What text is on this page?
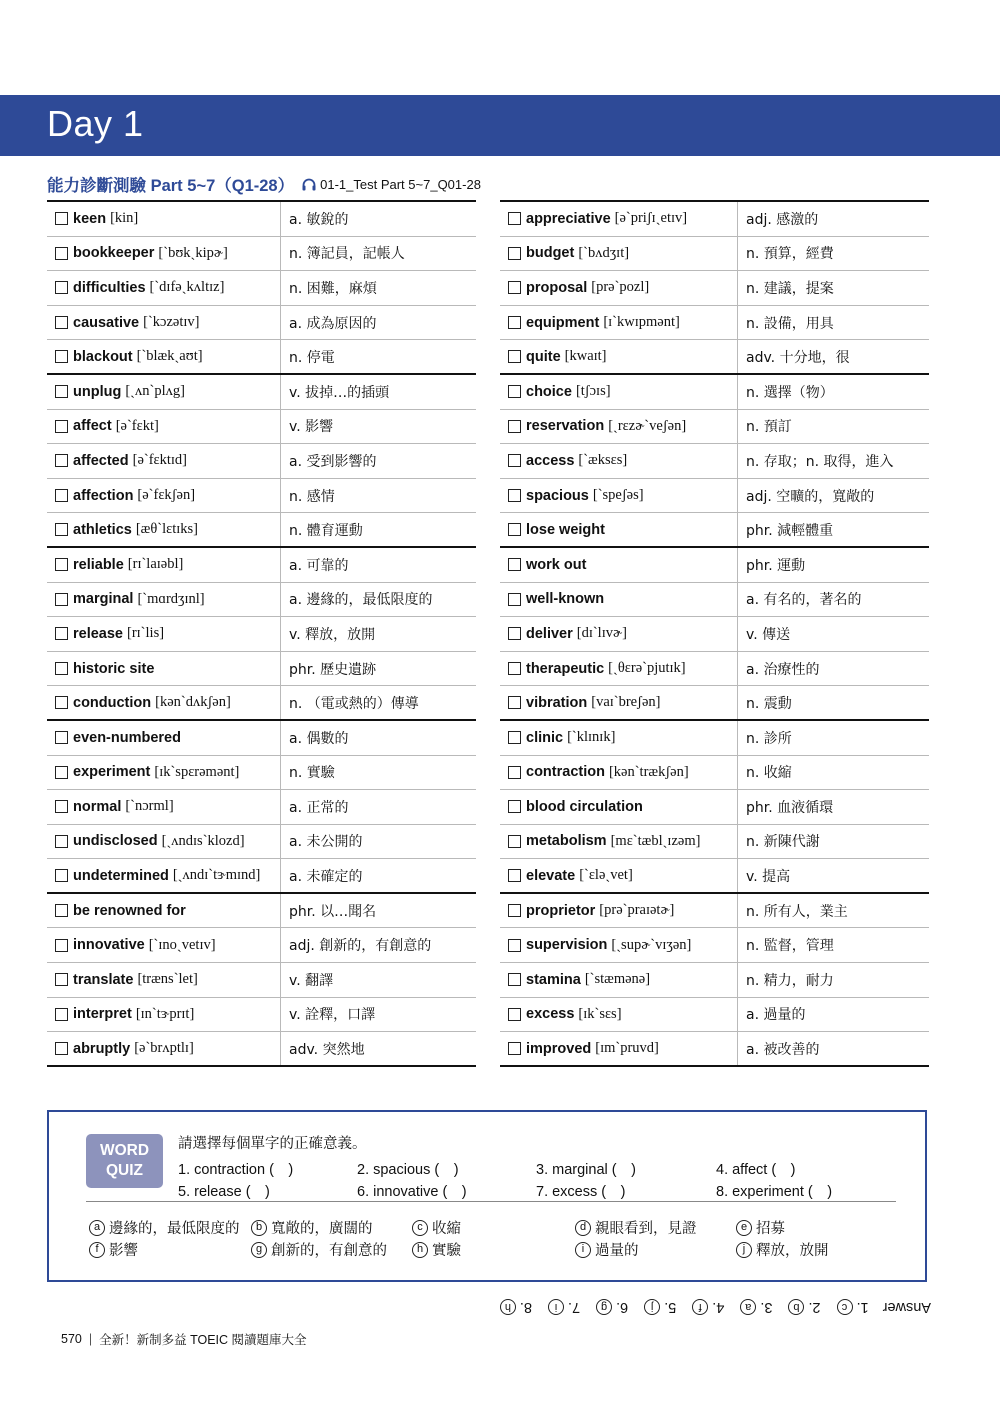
Day 1
能力診斷測驗 Part 5~7（Q1-28） 01-1_Test Part 5~7_Q01-28
keen [kin]	a. 敏銳的
bookkeeper [ˋbʊkˏkipɚ]	n. 簿記員，記帳人
difficulties [ˋdɪfəˏkʌltɪz]	n. 困難，麻煩
causative [ˋkɔzətɪv]	a. 成為原因的
blackout [ˋblækˏaʊt]	n. 停電
unplug [ˏʌnˋplʌg]	v. 拔掉…的插頭
affect [əˋfɛkt]	v. 影響
affected [əˋfɛktɪd]	a. 受到影響的
affection [əˋfɛkʃən]	n. 感情
athletics [æθˋlɛtɪks]	n. 體育運動
reliable [rɪˋlaɪəbl]	a. 可靠的
marginal [ˋmɑrdʒɪnl]	a. 邊緣的，最低限度的
release [rɪˋlis]	v. 釋放，放開
historic site	phr. 歷史遺跡
conduction [kənˋdʌkʃən]	n. （電或熱的）傳導
even-numbered	a. 偶數的
experiment [ɪkˋspɛrəmənt]	n. 實驗
normal [ˋnɔrml]	a. 正常的
undisclosed [ˏʌndɪsˋklozd]	a. 未公開的
undetermined [ˏʌndɪˋtɝmɪnd]	a. 未確定的
be renowned for	phr. 以…聞名
innovative [ˋɪnoˏvetɪv]	adj. 創新的，有創意的
translate [trænsˋlet]	v. 翻譯
interpret [ɪnˋtɝprɪt]	v. 詮釋，口譯
abruptly [əˋbrʌptlɪ]	adv. 突然地
appreciative [əˋpriʃɪˏetɪv]	adj. 感激的
budget [ˋbʌdʒɪt]	n. 預算，經費
proposal [prəˋpozl]	n. 建議，提案
equipment [ɪˋkwɪpmənt]	n. 設備，用具
quite [kwaɪt]	adv. 十分地，很
choice [tʃɔɪs]	n. 選擇（物）
reservation [ˏrɛzɚˋveʃən]	n. 預訂
access [ˋæksɛs]	n. 存取；n. 取得，進入
spacious [ˋspeʃəs]	adj. 空曠的，寬敞的
lose weight	phr. 減輕體重
work out	phr. 運動
well-known	a. 有名的，著名的
deliver [dɪˋlɪvɚ]	v. 傳送
therapeutic [ˏθɛrəˋpjutɪk]	a. 治療性的
vibration [vaɪˋbreʃən]	n. 震動
clinic [ˋklɪnɪk]	n. 診所
contraction [kənˋtrækʃən]	n. 收縮
blood circulation	phr. 血液循環
metabolism [mɛˋtæblˏɪzəm]	n. 新陳代謝
elevate [ˋɛləˏvet]	v. 提高
proprietor [prəˋpraɪətɚ]	n. 所有人，業主
supervision [ˏsupɚˋvɪʒən]	n. 監督，管理
stamina [ˋstæmənə]	n. 精力，耐力
excess [ɪkˋsɛs]	a. 過量的
improved [ɪmˋpruvd]	a. 被改善的
WORD
QUIZ
請選擇每個單字的正確意義。
1. contraction (　)	2. spacious (　)	3. marginal (　)	4. affect (　)
5. release (　)	6. innovative (　)	7. excess (　)	8. experiment (　)
a 邊緣的，最低限度的	b 寬敞的，廣闊的	c 收縮	d 親眼看到，見證	e 招募
f 影響	g 創新的，有創意的	h 實驗	i 過量的	j 釋放，放開
Answer
1.
c
2.
b
3.
a
4.
f
5.
j
6.
g
7.
i
8.
h
570 | 全新！新制多益 TOEIC 閱讀題庫大全
